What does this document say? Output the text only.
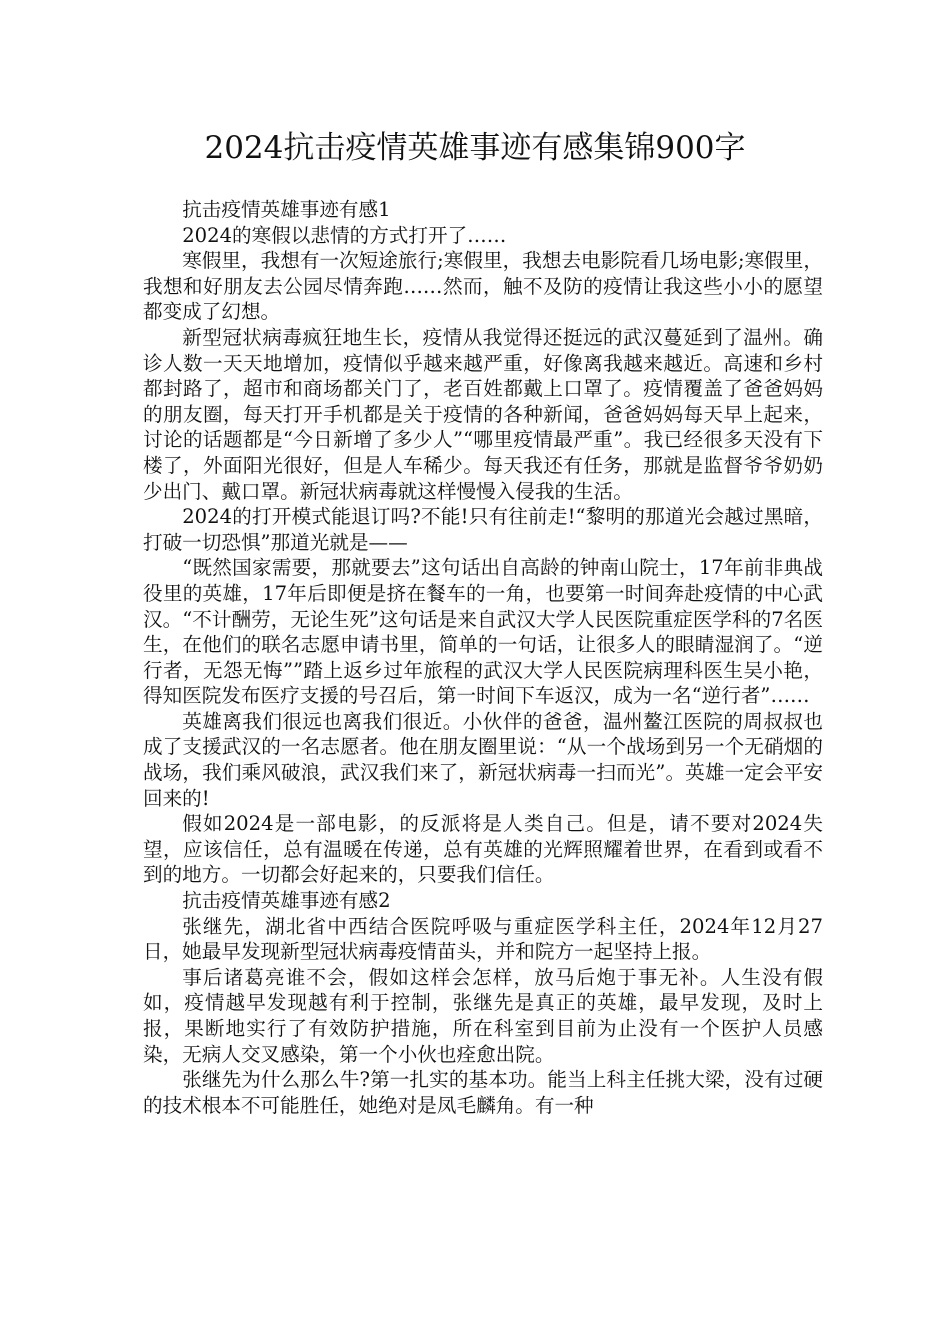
2024抗击疫情英雄事迹有感集锦900字

抗击疫情英雄事迹有感1

2024的寒假以悲情的方式打开了……

寒假里，我想有一次短途旅行;寒假里，我想去电影院看几场电影;寒假里，我想和好朋友去公园尽情奔跑……然而，触不及防的疫情让我这些小小的愿望都变成了幻想。

新型冠状病毒疯狂地生长，疫情从我觉得还挺远的武汉蔓延到了温州。确诊人数一天天地增加，疫情似乎越来越严重，好像离我越来越近。高速和乡村都封路了，超市和商场都关门了，老百姓都戴上口罩了。疫情覆盖了爸爸妈妈的朋友圈，每天打开手机都是关于疫情的各种新闻，爸爸妈妈每天早上起来，讨论的话题都是“今日新增了多少人”“哪里疫情最严重”。我已经很多天没有下楼了，外面阳光很好，但是人车稀少。每天我还有任务，那就是监督爷爷奶奶少出门、戴口罩。新冠状病毒就这样慢慢入侵我的生活。

2024的打开模式能退订吗?不能!只有往前走!“黎明的那道光会越过黑暗，打破一切恐惧”那道光就是——

“既然国家需要，那就要去”这句话出自高龄的钟南山院士，17年前非典战役里的英雄，17年后即便是挤在餐车的一角，也要第一时间奔赴疫情的中心武汉。“不计酬劳，无论生死”这句话是来自武汉大学人民医院重症医学科的7名医生，在他们的联名志愿申请书里，简单的一句话，让很多人的眼睛湿润了。“逆行者，无怨无悔””踏上返乡过年旅程的武汉大学人民医院病理科医生吴小艳，得知医院发布医疗支援的号召后，第一时间下车返汉，成为一名“逆行者”……

英雄离我们很远也离我们很近。小伙伴的爸爸，温州鳌江医院的周叔叔也成了支援武汉的一名志愿者。他在朋友圈里说：“从一个战场到另一个无硝烟的战场，我们乘风破浪，武汉我们来了，新冠状病毒一扫而光”。英雄一定会平安回来的!

假如2024是一部电影，的反派将是人类自己。但是，请不要对2024失望，应该信任，总有温暖在传递，总有英雄的光辉照耀着世界，在看到或看不到的地方。一切都会好起来的，只要我们信任。

抗击疫情英雄事迹有感2

张继先，湖北省中西结合医院呼吸与重症医学科主任，2024年12月27日，她最早发现新型冠状病毒疫情苗头，并和院方一起坚持上报。

事后诸葛亮谁不会，假如这样会怎样，放马后炮于事无补。人生没有假如，疫情越早发现越有利于控制，张继先是真正的英雄，最早发现，及时上报，果断地实行了有效防护措施，所在科室到目前为止没有一个医护人员感染，无病人交叉感染，第一个小伙也痊愈出院。

张继先为什么那么牛?第一扎实的基本功。能当上科主任挑大梁，没有过硬的技术根本不可能胜任，她绝对是凤毛麟角。有一种
